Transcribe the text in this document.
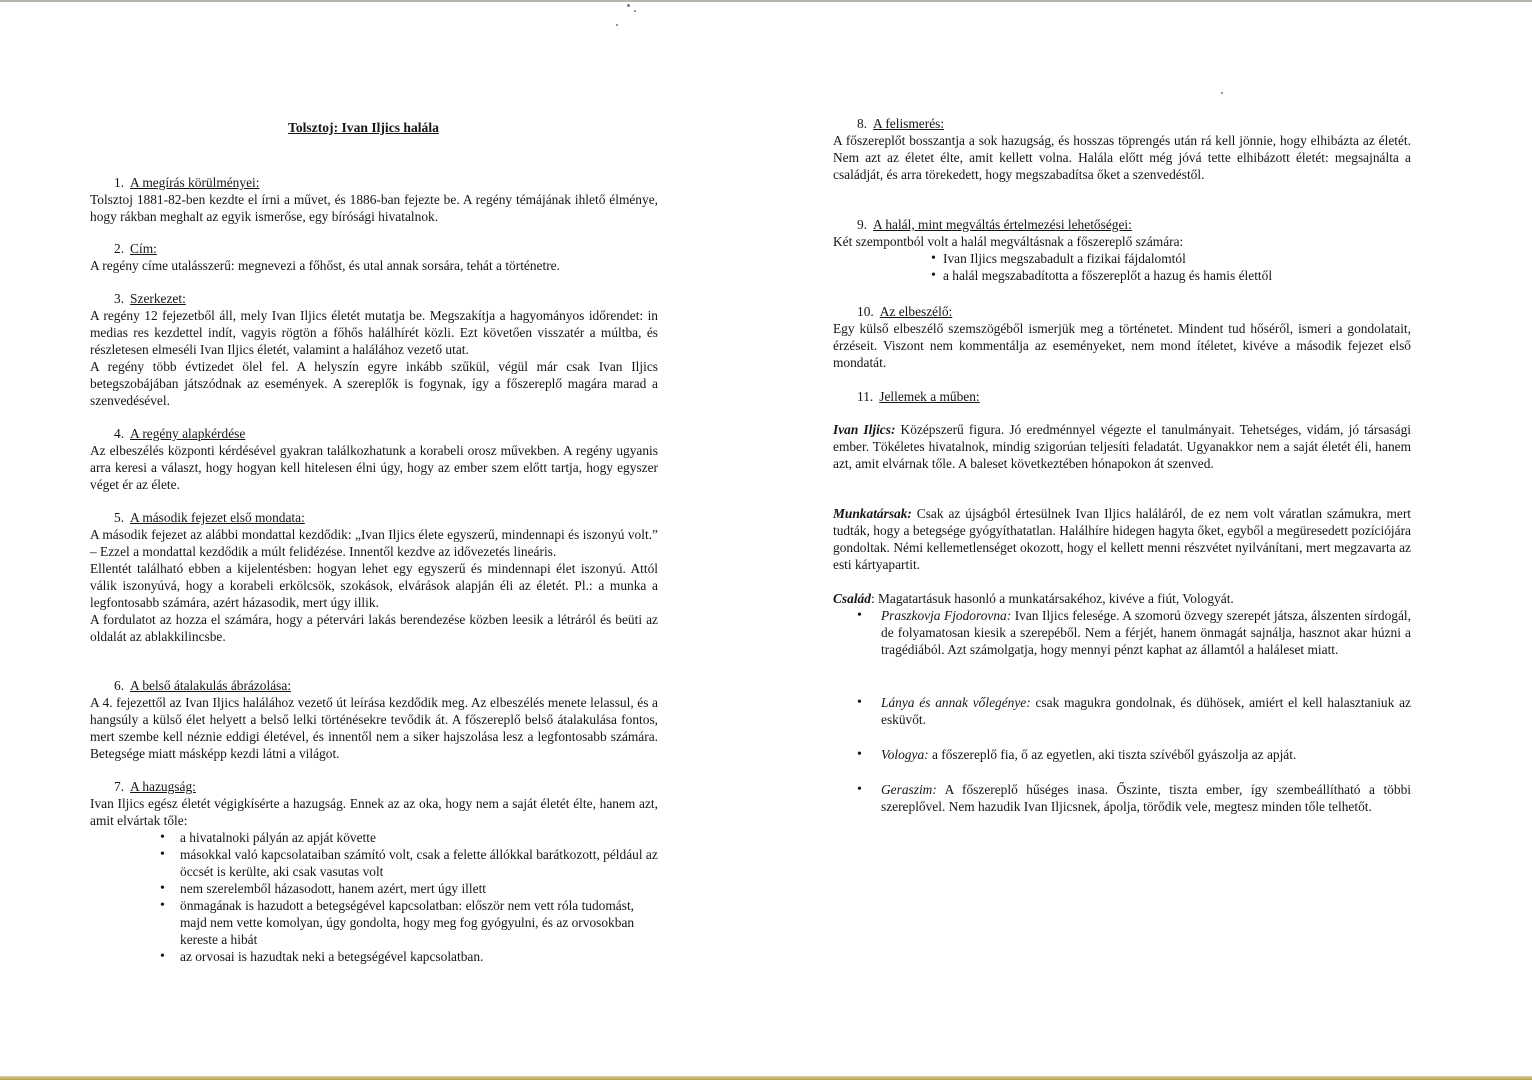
Tolsztoj: Ivan Iljics halála
1. A megírás körülményei:

Tolsztoj 1881-82-ben kezdte el írni a művet, és 1886-ban fejezte be. A regény témájának ihlető élménye, hogy rákban meghalt az egyik ismerőse, egy bírósági hivatalnok.

2. Cím:

A regény címe utalásszerű: megnevezi a főhőst, és utal annak sorsára, tehát a történetre.

3. Szerkezet:

A regény 12 fejezetből áll, mely Ivan Iljics életét mutatja be. Megszakítja a hagyományos időrendet: in medias res kezdettel indít, vagyis rögtön a főhős halálhírét közli. Ezt követően visszatér a múltba, és részletesen elmeséli Ivan Iljics életét, valamint a halálához vezető utat.

A regény több évtizedet ölel fel. A helyszín egyre inkább szűkül, végül már csak Ivan Iljics betegszobájában játszódnak az események. A szereplők is fogynak, így a főszereplő magára marad a szenvedésével.

4. A regény alapkérdése

Az elbeszélés központi kérdésével gyakran találkozhatunk a korabeli orosz művekben. A regény ugyanis arra keresi a választ, hogy hogyan kell hitelesen élni úgy, hogy az ember szem előtt tartja, hogy egyszer véget ér az élete.

5. A második fejezet első mondata:

A második fejezet az alábbi mondattal kezdődik: „Ivan Iljics élete egyszerű, mindennapi és iszonyú volt.” – Ezzel a mondattal kezdődik a múlt felidézése. Innentől kezdve az idővezetés lineáris.

Ellentét található ebben a kijelentésben: hogyan lehet egy egyszerű és mindennapi élet iszonyú. Attól válik iszonyúvá, hogy a korabeli erkölcsök, szokások, elvárások alapján éli az életét. Pl.: a munka a legfontosabb számára, azért házasodik, mert úgy illik.

A fordulatot az hozza el számára, hogy a pétervári lakás berendezése közben leesik a létráról és beüti az oldalát az ablakkilincsbe.

6. A belső átalakulás ábrázolása:

A 4. fejezettől az Ivan Iljics halálához vezető út leírása kezdődik meg. Az elbeszélés menete lelassul, és a hangsúly a külső élet helyett a belső lelki történésekre tevődik át. A főszereplő belső átalakulása fontos, mert szembe kell néznie eddigi életével, és innentől nem a siker hajszolása lesz a legfontosabb számára. Betegsége miatt másképp kezdi látni a világot.

7. A hazugság:

Ivan Iljics egész életét végigkísérte a hazugság. Ennek az az oka, hogy nem a saját életét élte, hanem azt, amit elvártak tőle:

• a hivatalnoki pályán az apját követte
• másokkal való kapcsolataiban számító volt, csak a felette állókkal barátkozott, például az öccsét is kerülte, aki csak vasutas volt
• nem szerelemből házasodott, hanem azért, mert úgy illett
• önmagának is hazudott a betegségével kapcsolatban: először nem vett róla tudomást, majd nem vette komolyan, úgy gondolta, hogy meg fog gyógyulni, és az orvosokban kereste a hibát
• az orvosai is hazudtak neki a betegségével kapcsolatban.
8. A felismerés:

A főszereplőt bosszantja a sok hazugság, és hosszas töprengés után rá kell jönnie, hogy elhibázta az életét. Nem azt az életet élte, amit kellett volna. Halála előtt még jóvá tette elhibázott életét: megsajnálta a családját, és arra törekedett, hogy megszabadítsa őket a szenvedéstől.

9. A halál, mint megváltás értelmezési lehetőségei:

Két szempontból volt a halál megváltásnak a főszereplő számára:

• Ivan Iljics megszabadult a fizikai fájdalomtól
• a halál megszabadította a főszereplőt a hazug és hamis élettől
10. Az elbeszélő:

Egy külső elbeszélő szemszögéből ismerjük meg a történetet. Mindent tud hőséről, ismeri a gondolatait, érzéseit. Viszont nem kommentálja az eseményeket, nem mond ítéletet, kivéve a második fejezet első mondatát.

11. Jellemek a műben:

Ivan Iljics: Középszerű figura. Jó eredménnyel végezte el tanulmányait. Tehetséges, vidám, jó társasági ember. Tökéletes hivatalnok, mindig szigorúan teljesíti feladatát. Ugyanakkor nem a saját életét éli, hanem azt, amit elvárnak tőle. A baleset következtében hónapokon át szenved.

Munkatársak: Csak az újságból értesülnek Ivan Iljics haláláról, de ez nem volt váratlan számukra, mert tudták, hogy a betegsége gyógyíthatatlan. Halálhíre hidegen hagyta őket, egyből a megüresedett pozíciójára gondoltak. Némi kellemetlenséget okozott, hogy el kellett menni részvétet nyilvánítani, mert megzavarta az esti kártyapartit.

Család: Magatartásuk hasonló a munkatársakéhoz, kivéve a fiút, Vologyát.

• Praszkovja Fjodorovna: Ivan Iljics felesége. A szomorú özvegy szerepét játsza, álszenten sírdogál, de folyamatosan kiesik a szerepéből. Nem a férjét, hanem önmagát sajnálja, hasznot akar húzni a tragédiából. Azt számolgatja, hogy mennyi pénzt kaphat az államtól a haláleset miatt.
• Lánya és annak vőlegénye: csak magukra gondolnak, és dühösek, amiért el kell halasztaniuk az esküvőt.
• Vologya: a főszereplő fia, ő az egyetlen, aki tiszta szívéből gyászolja az apját.
• Geraszim: A főszereplő hűséges inasa. Őszinte, tiszta ember, így szembeállítható a többi szereplővel. Nem hazudik Ivan Iljicsnek, ápolja, törődik vele, megtesz minden tőle telhetőt.
